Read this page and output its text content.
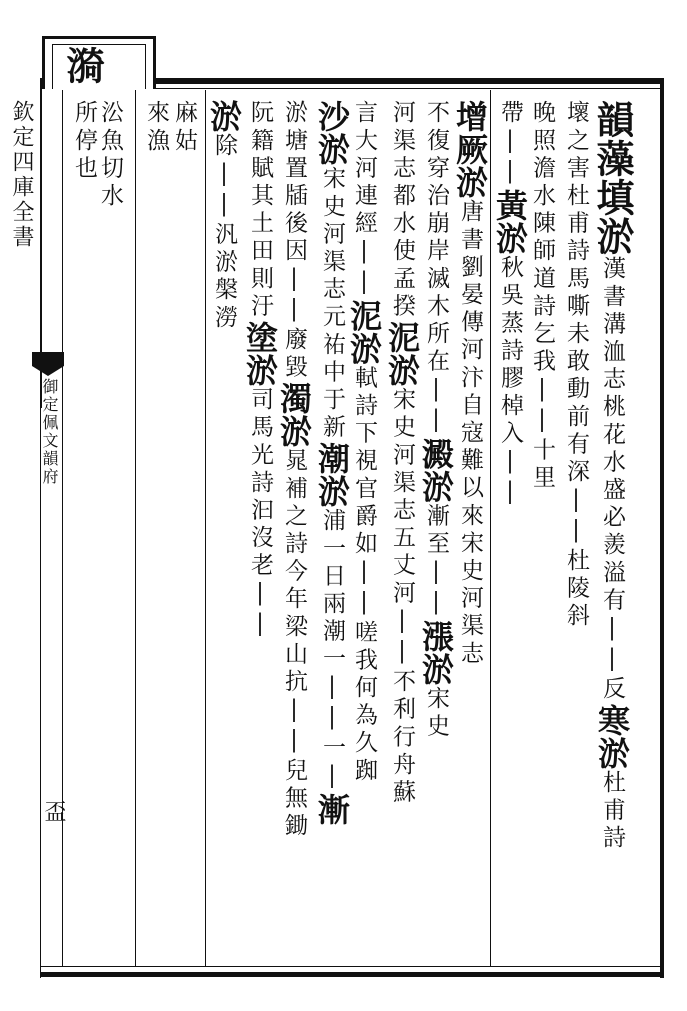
漪
欽定四庫全書
御定佩文韻府
盃
所停也 㳂魚切水 來漁 麻姑 淤除||汎淤槃澇 阮籍賦其土田則汙塗淤司馬光詩汩沒老||
淤塘置牐後因||廢毀濁淤晁補之詩今年梁山抗||兒無鋤
沙淤宋史河渠志元祐中于新潮淤浦一日兩潮一||一|漸
言大河連經||泥淤軾詩下視官爵如||嗟我何為久踟
河渠志都水使孟揆泥淤宋史河渠志五丈河||不利行舟蘇
不復穿治崩岸滅木所在||澱淤漸至||漲淤宋史
增厥淤唐書劉晏傳河汴自寇難以來宋史河渠志
帶||黃淤秋吳蒸詩膠棹入||
晚照澹水陳師道詩乞我||十里 壞之害杜甫詩馬嘶未敢動前有深||杜陵斜
韻藻填淤漢書溝洫志桃花水盛必羨溢有||反寒淤杜甫詩
